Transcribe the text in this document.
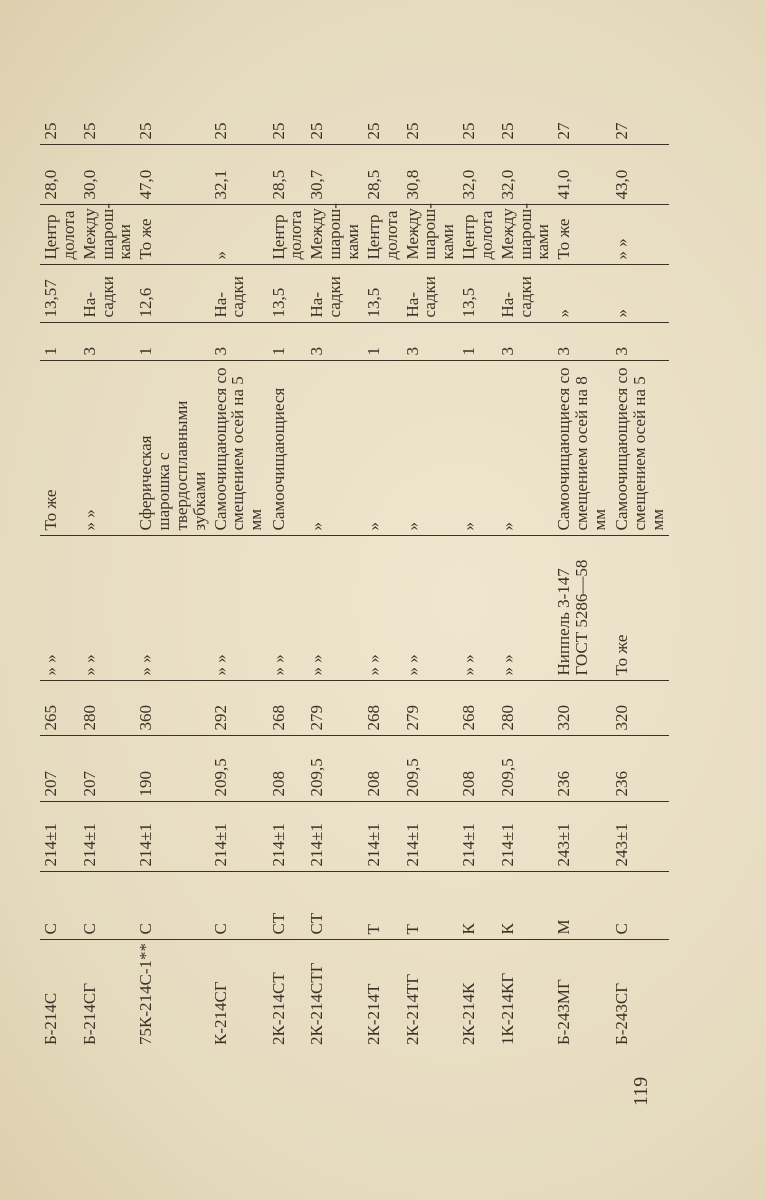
Б-214С	С	214±1	207	265	» »	То же	1	13,57	Центр долота	28,0	25
Б-214СГ	С	214±1	207	280	» »	» »	3	На-садки	Между шарош-ками	30,0	25
75К-214С-1**	С	214±1	190	360	» »	Сферическая шарошка с твердосплавными зубками	1	12,6	То же	47,0	25
К-214СГ	С	214±1	209,5	292	» »	Самоочищающиеся со смещением осей на 5 мм	3	На-садки	»	32,1	25
2К-214СТ	СТ	214±1	208	268	» »	Самоочищающиеся	1	13,5	Центр долота	28,5	25
2К-214СТГ	СТ	214±1	209,5	279	» »	»	3	На-садки	Между шарош-ками	30,7	25
2К-214Т	Т	214±1	208	268	» »	»	1	13,5	Центр долота	28,5	25
2К-214ТГ	Т	214±1	209,5	279	» »	»	3	На-садки	Между шарош-ками	30,8	25
2К-214К	К	214±1	208	268	» »	»	1	13,5	Центр долота	32,0	25
1К-214КГ	К	214±1	209,5	280	» »	»	3	На-садки	Между шарош-ками	32,0	25
Б-243МГ	М	243±1	236	320	Ниппель 3-147 ГОСТ 5286—58	Самоочищающиеся со смещением осей на 8 мм	3	»	То же	41,0	27
Б-243СГ	С	243±1	236	320	То же	Самоочищающиеся со смещением осей на 5 мм	3	»	» »	43,0	27
119
